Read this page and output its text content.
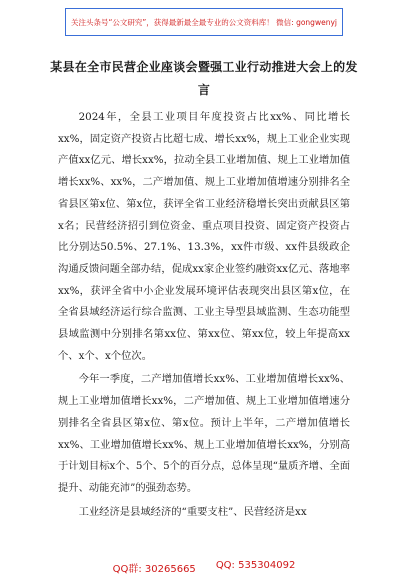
关注头条号“公文研究”，获得最新最全最专业的公文资料库！ 微信: gongwenyj
某县在全市民营企业座谈会暨强工业行动推进大会上的发言

2024年，全县工业项目年度投资占比xx%、同比增长xx%，固定资产投资占比超七成、增长xx%，规上工业企业实现产值xx亿元、增长xx%，拉动全县工业增加值、规上工业增加值增长xx%、xx%，二产增加值、规上工业增加值增速分别排名全省县区第x位、第x位，获评全省工业经济稳增长突出贡献县区第x名；民营经济招引到位资金、重点项目投资、固定资产投资占比分别达50.5%、27.1%、13.3%，xx件市级、xx件县级政企沟通反馈问题全部办结，促成xx家企业签约融资xx亿元、落地率xx%，获评全省中小企业发展环境评估表现突出县区第x位，在全省县域经济运行综合监测、工业主导型县域监测、生态功能型县域监测中分别排名第xx位、第xx位、第xx位，较上年提高xx个、x个、x个位次。

今年一季度，二产增加值增长xx%、工业增加值增长xx%、规上工业增加值增长xx%，二产增加值、规上工业增加值增速分别排名全省县区第x位、第x位。预计上半年，二产增加值增长xx%、工业增加值增长xx%、规上工业增加值增长xx%，分别高于计划目标x个、5个、5个的百分点，总体呈现“量质齐增、全面提升、动能充沛”的强劲态势。

工业经济是县域经济的“重要支柱”、民营经济是xx

QQ群: 30265665 QQ: 535304092
